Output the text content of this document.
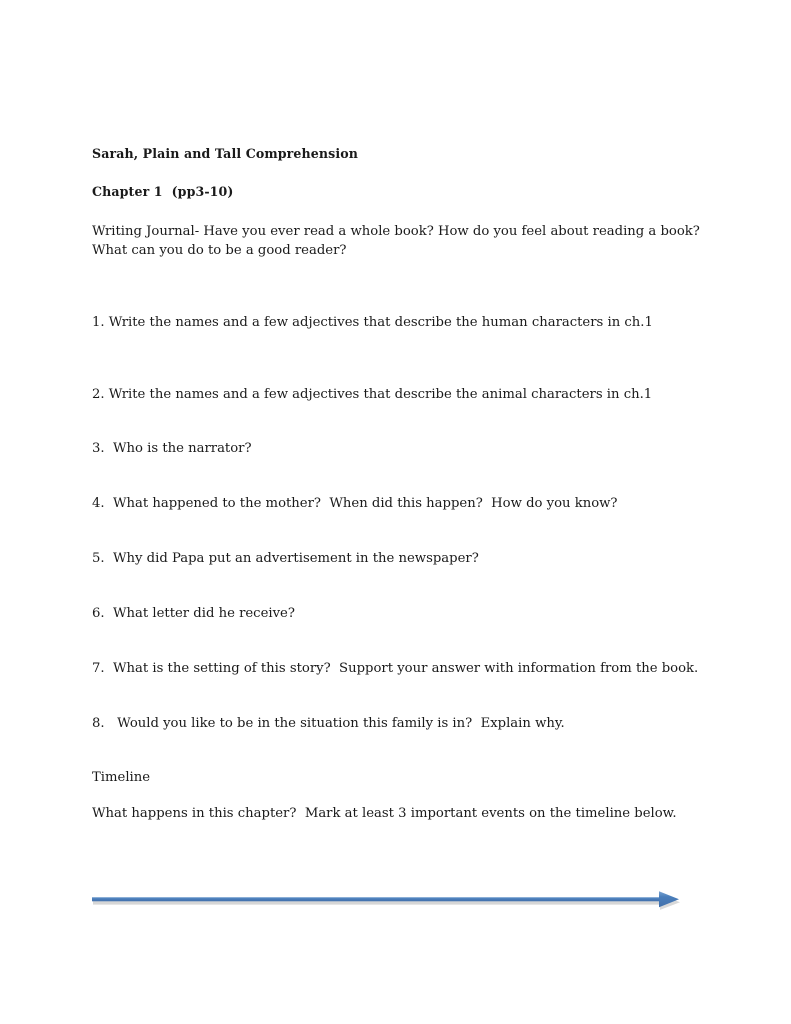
Sarah, Plain and Tall Comprehension

Chapter 1  (pp3-10)

Writing Journal- Have you ever read a whole book? How do you feel about reading a book? What can you do to be a good reader?

1. Write the names and a few adjectives that describe the human characters in ch.1

2. Write the names and a few adjectives that describe the animal characters in ch.1

3.  Who is the narrator?

4.  What happened to the mother?  When did this happen?  How do you know?

5.  Why did Papa put an advertisement in the newspaper?

6.  What letter did he receive?

7.  What is the setting of this story?  Support your answer with information from the book.

8.   Would you like to be in the situation this family is in?  Explain why.

Timeline

What happens in this chapter?  Mark at least 3 important events on the timeline below.
